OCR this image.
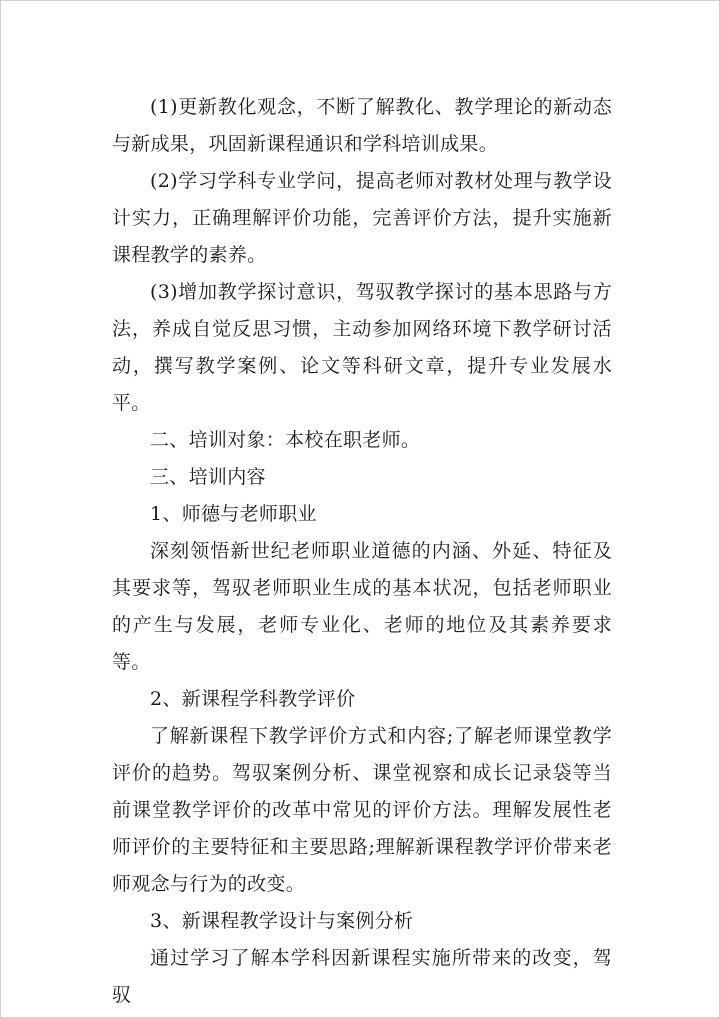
(1)更新教化观念，不断了解教化、教学理论的新动态与新成果，巩固新课程通识和学科培训成果。

(2)学习学科专业学问，提高老师对教材处理与教学设计实力，正确理解评价功能，完善评价方法，提升实施新课程教学的素养。

(3)增加教学探讨意识，驾驭教学探讨的基本思路与方法，养成自觉反思习惯，主动参加网络环境下教学研讨活动，撰写教学案例、论文等科研文章，提升专业发展水平。

二、培训对象：本校在职老师。

三、培训内容

1、师德与老师职业

深刻领悟新世纪老师职业道德的内涵、外延、特征及其要求等，驾驭老师职业生成的基本状况，包括老师职业的产生与发展，老师专业化、老师的地位及其素养要求等。

2、新课程学科教学评价

了解新课程下教学评价方式和内容;了解老师课堂教学评价的趋势。驾驭案例分析、课堂视察和成长记录袋等当前课堂教学评价的改革中常见的评价方法。理解发展性老师评价的主要特征和主要思路;理解新课程教学评价带来老师观念与行为的改变。

3、新课程教学设计与案例分析

通过学习了解本学科因新课程实施所带来的改变，驾驭
